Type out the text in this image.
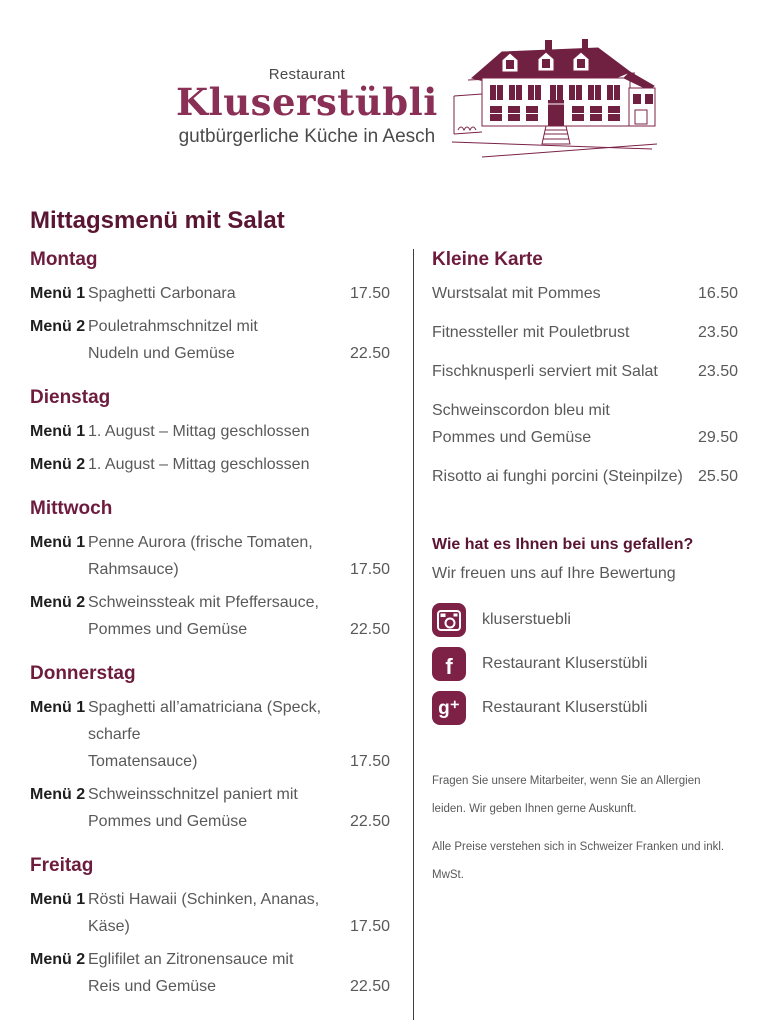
Restaurant
Kluserstübli
gutbürgerliche Küche in Aesch
Mittagsmenü mit Salat
Montag
Menü 1 Spaghetti Carbonara	17.50
Menü 2 Pouletrahmschnitzel mit
Nudeln und Gemüse	22.50
Dienstag
Menü 1 1. August – Mittag geschlossen
Menü 2 1. August – Mittag geschlossen
Mittwoch
Menü 1 Penne Aurora (frische Tomaten,
Rahmsauce)	17.50
Menü 2 Schweinssteak mit Pfeffersauce,
Pommes und Gemüse	22.50
Donnerstag
Menü 1 Spaghetti all’amatriciana (Speck, scharfe
Tomatensauce)	17.50
Menü 2 Schweinsschnitzel paniert mit
Pommes und Gemüse	22.50
Freitag
Menü 1 Rösti Hawaii (Schinken, Ananas, Käse)	17.50
Menü 2 Eglifilet an Zitronensauce mit
Reis und Gemüse	22.50
Kleine Karte
Wurstsalat mit Pommes	16.50
Fitnessteller mit Pouletbrust	23.50
Fischknusperli serviert mit Salat	23.50
Schweinscordon bleu mit
Pommes und Gemüse	29.50
Risotto ai funghi porcini (Steinpilze) 25.50
Wie hat es Ihnen bei uns gefallen?
Wir freuen uns auf Ihre Bewertung
kluserstuebli
f	Restaurant Kluserstübli
g⁺	Restaurant Kluserstübli

Fragen Sie unsere Mitarbeiter, wenn Sie an Allergien leiden. Wir geben Ihnen gerne Auskunft.

Alle Preise verstehen sich in Schweizer Franken und inkl. MwSt.
